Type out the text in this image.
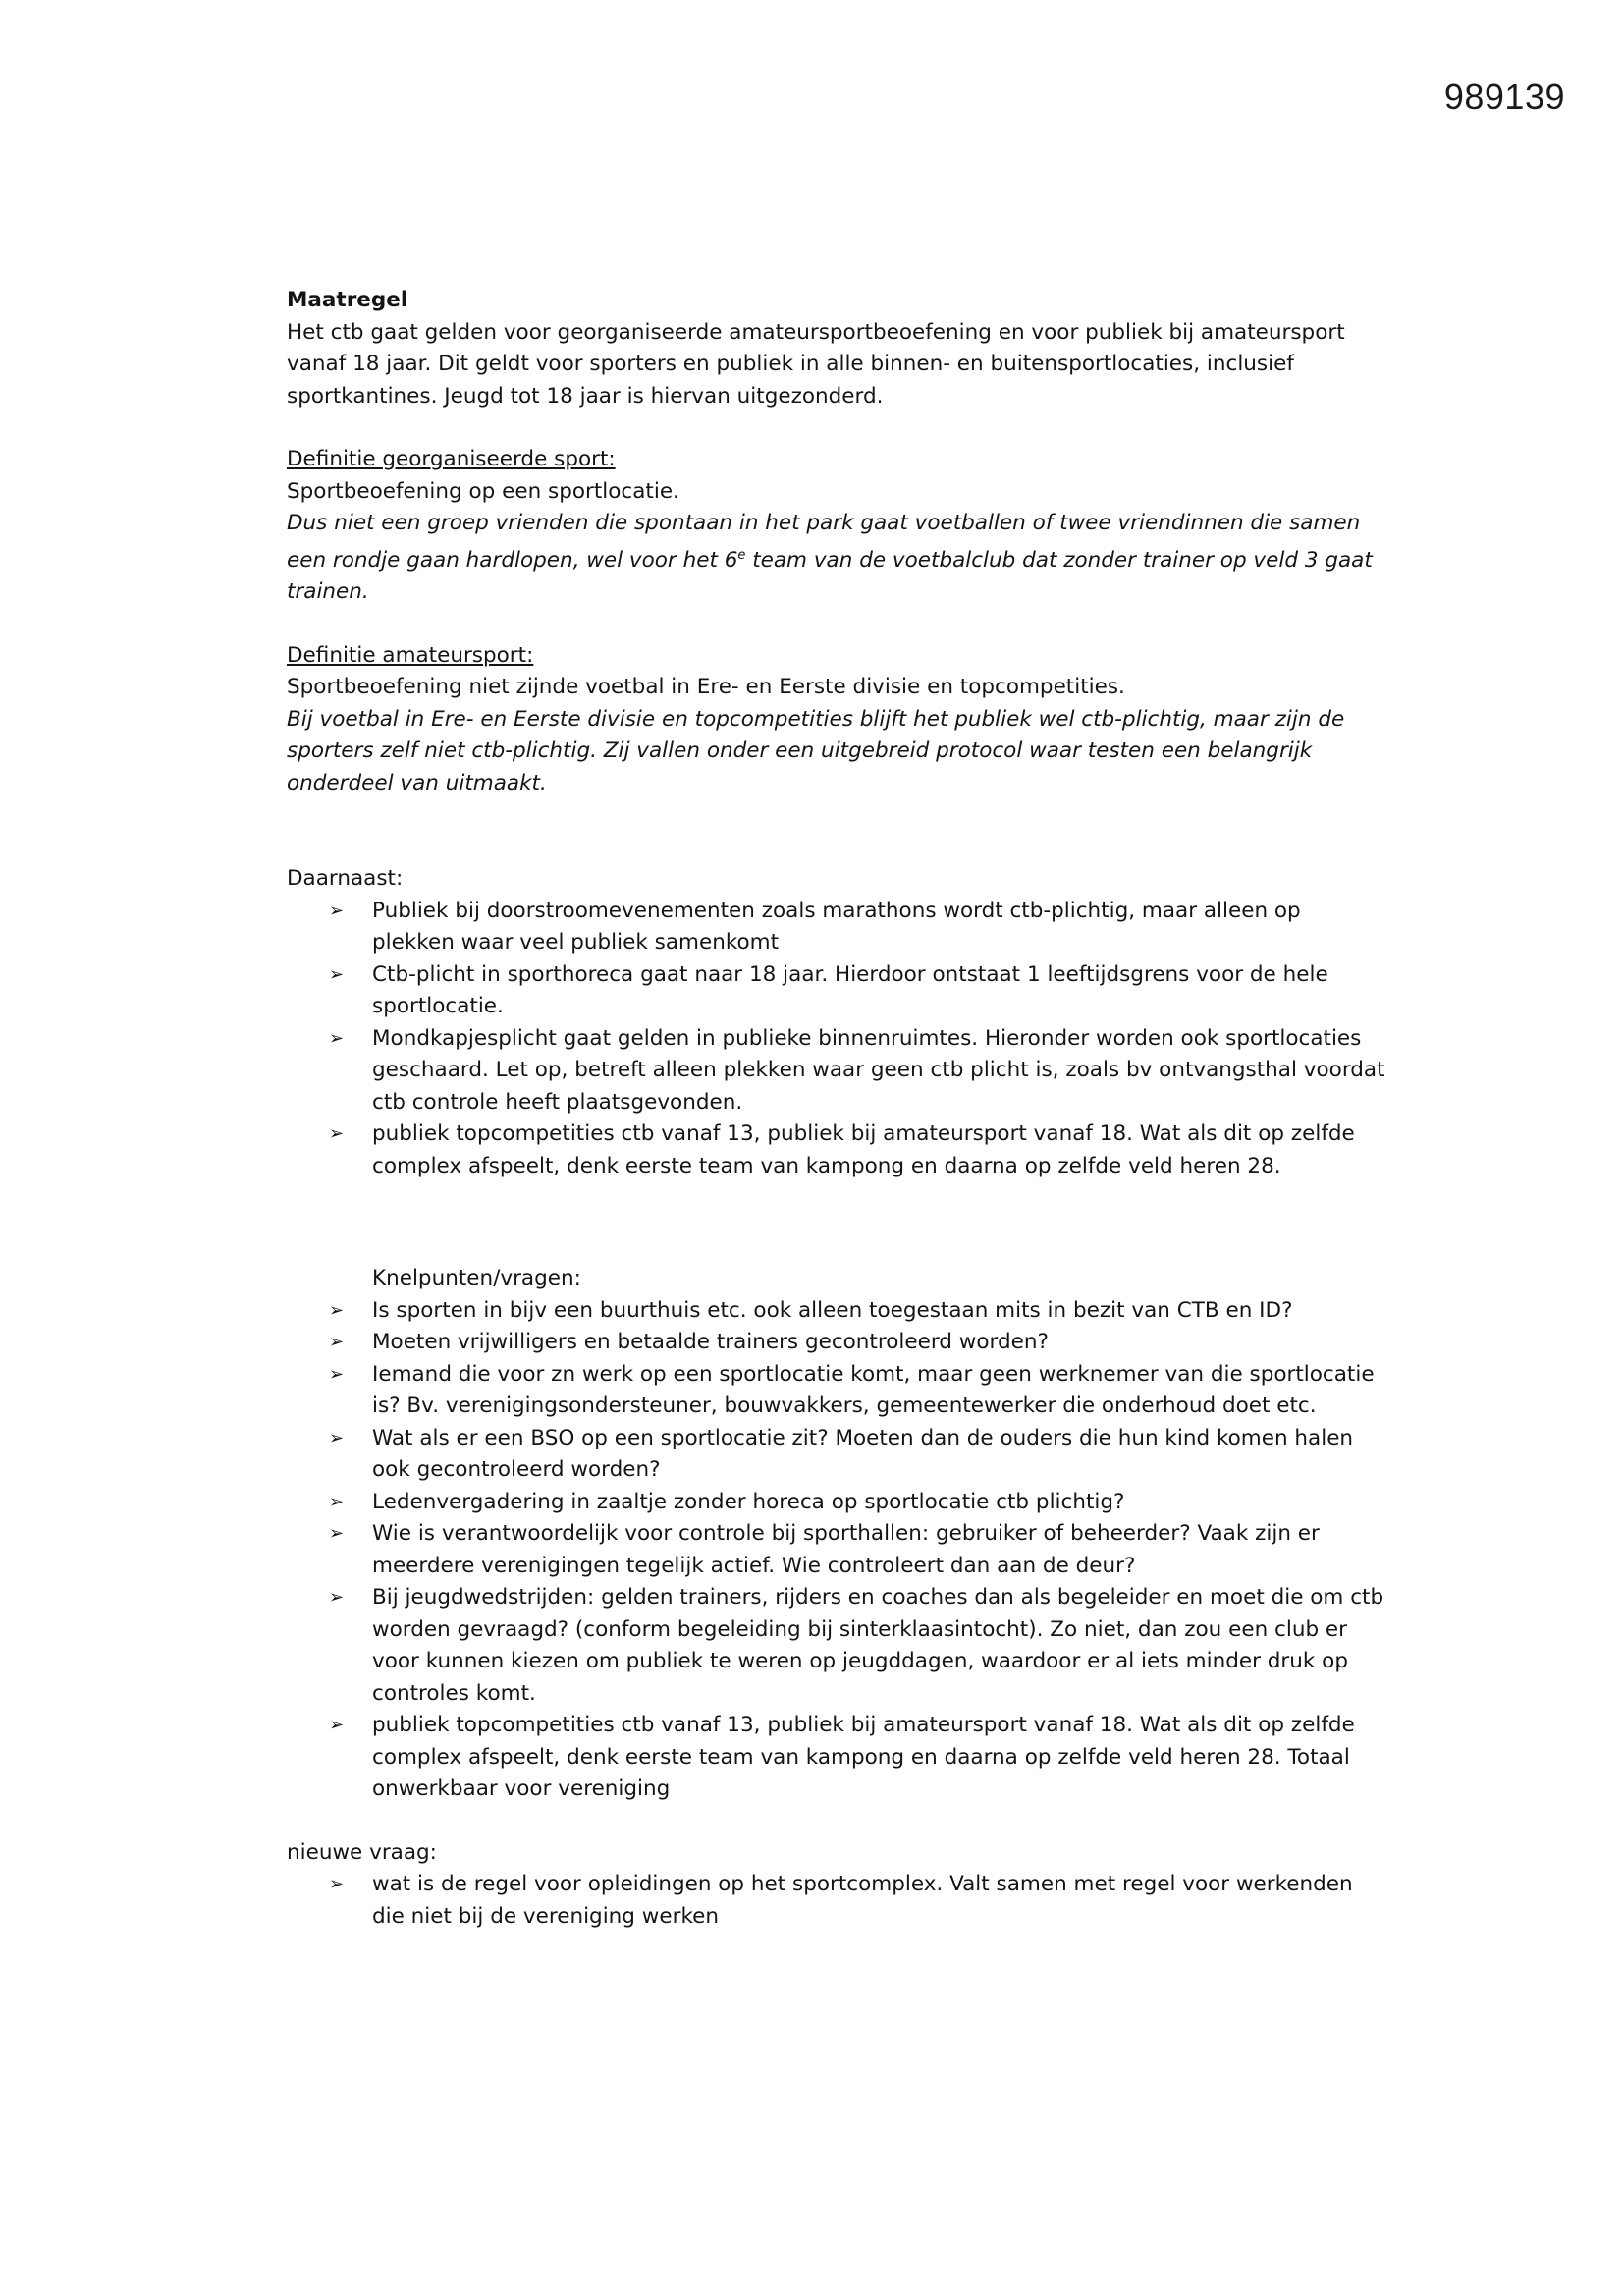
989139

Maatregel

Het ctb gaat gelden voor georganiseerde amateursportbeoefening en voor publiek bij amateursport vanaf 18 jaar. Dit geldt voor sporters en publiek in alle binnen- en buitensportlocaties, inclusief sportkantines. Jeugd tot 18 jaar is hiervan uitgezonderd.

Definitie georganiseerde sport:

Sportbeoefening op een sportlocatie.

Dus niet een groep vrienden die spontaan in het park gaat voetballen of twee vriendinnen die samen een rondje gaan hardlopen, wel voor het 6e team van de voetbalclub dat zonder trainer op veld 3 gaat trainen.

Definitie amateursport:

Sportbeoefening niet zijnde voetbal in Ere- en Eerste divisie en topcompetities.

Bij voetbal in Ere- en Eerste divisie en topcompetities blijft het publiek wel ctb-plichtig, maar zijn de sporters zelf niet ctb-plichtig. Zij vallen onder een uitgebreid protocol waar testen een belangrijk onderdeel van uitmaakt.

Daarnaast:

➢ Publiek bij doorstroomevenementen zoals marathons wordt ctb-plichtig, maar alleen op plekken waar veel publiek samenkomt
➢ Ctb-plicht in sporthoreca gaat naar 18 jaar. Hierdoor ontstaat 1 leeftijdsgrens voor de hele sportlocatie.
➢ Mondkapjesplicht gaat gelden in publieke binnenruimtes. Hieronder worden ook sportlocaties geschaard. Let op, betreft alleen plekken waar geen ctb plicht is, zoals bv ontvangsthal voordat ctb controle heeft plaatsgevonden.
➢ publiek topcompetities ctb vanaf 13, publiek bij amateursport vanaf 18. Wat als dit op zelfde complex afspeelt, denk eerste team van kampong en daarna op zelfde veld heren 28.

Knelpunten/vragen:

➢ Is sporten in bijv een buurthuis etc. ook alleen toegestaan mits in bezit van CTB en ID?
➢ Moeten vrijwilligers en betaalde trainers gecontroleerd worden?
➢ Iemand die voor zn werk op een sportlocatie komt, maar geen werknemer van die sportlocatie is? Bv. verenigingsondersteuner, bouwvakkers, gemeentewerker die onderhoud doet etc.
➢ Wat als er een BSO op een sportlocatie zit? Moeten dan de ouders die hun kind komen halen ook gecontroleerd worden?
➢ Ledenvergadering in zaaltje zonder horeca op sportlocatie ctb plichtig?
➢ Wie is verantwoordelijk voor controle bij sporthallen: gebruiker of beheerder? Vaak zijn er meerdere verenigingen tegelijk actief. Wie controleert dan aan de deur?
➢ Bij jeugdwedstrijden: gelden trainers, rijders en coaches dan als begeleider en moet die om ctb worden gevraagd? (conform begeleiding bij sinterklaasintocht). Zo niet, dan zou een club er voor kunnen kiezen om publiek te weren op jeugddagen, waardoor er al iets minder druk op controles komt.
➢ publiek topcompetities ctb vanaf 13, publiek bij amateursport vanaf 18. Wat als dit op zelfde complex afspeelt, denk eerste team van kampong en daarna op zelfde veld heren 28. Totaal onwerkbaar voor vereniging

nieuwe vraag:

➢ wat is de regel voor opleidingen op het sportcomplex. Valt samen met regel voor werkenden die niet bij de vereniging werken
